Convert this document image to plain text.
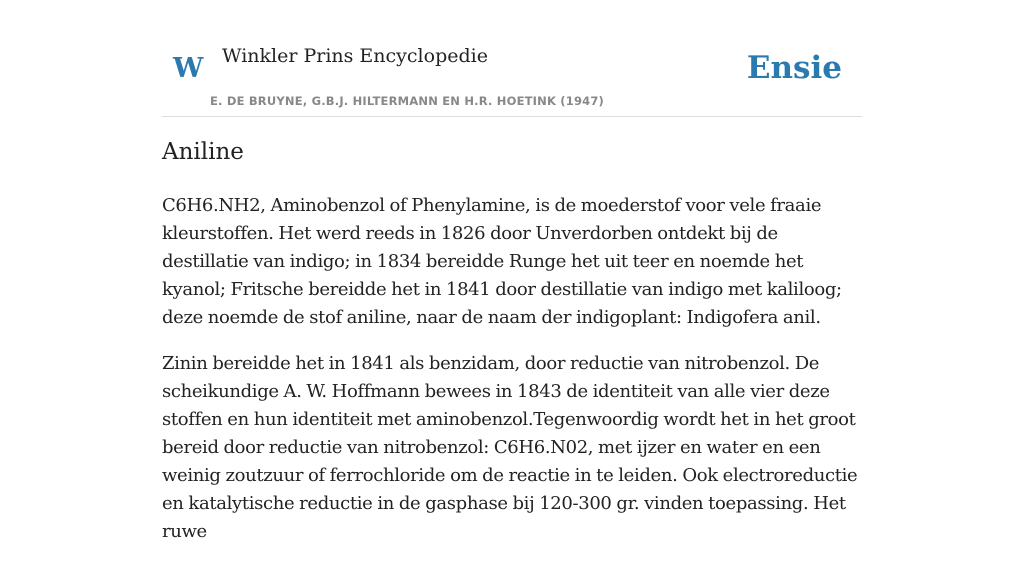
W Winkler Prins Encyclopedie
E. DE BRUYNE, G.B.J. HILTERMANN EN H.R. HOETINK (1947)
Ensie
Aniline

C6H6.NH2, Aminobenzol of Phenylamine, is de moederstof voor vele fraaie kleurstoffen. Het werd reeds in 1826 door Unverdorben ontdekt bij de destillatie van indigo; in 1834 bereidde Runge het uit teer en noemde het kyanol; Fritsche bereidde het in 1841 door destillatie van indigo met kaliloog; deze noemde de stof aniline, naar de naam der indigoplant: Indigofera anil.

Zinin bereidde het in 1841 als benzidam, door reductie van nitrobenzol. De scheikundige A. W. Hoffmann bewees in 1843 de identiteit van alle vier deze stoffen en hun identiteit met aminobenzol.Tegenwoordig wordt het in het groot bereid door reductie van nitrobenzol: C6H6.N02, met ijzer en water en een weinig zoutzuur of ferrochloride om de reactie in te leiden. Ook electroreductie en katalytische reductie in de gasphase bij 120-300 gr. vinden toepassing. Het ruwe
